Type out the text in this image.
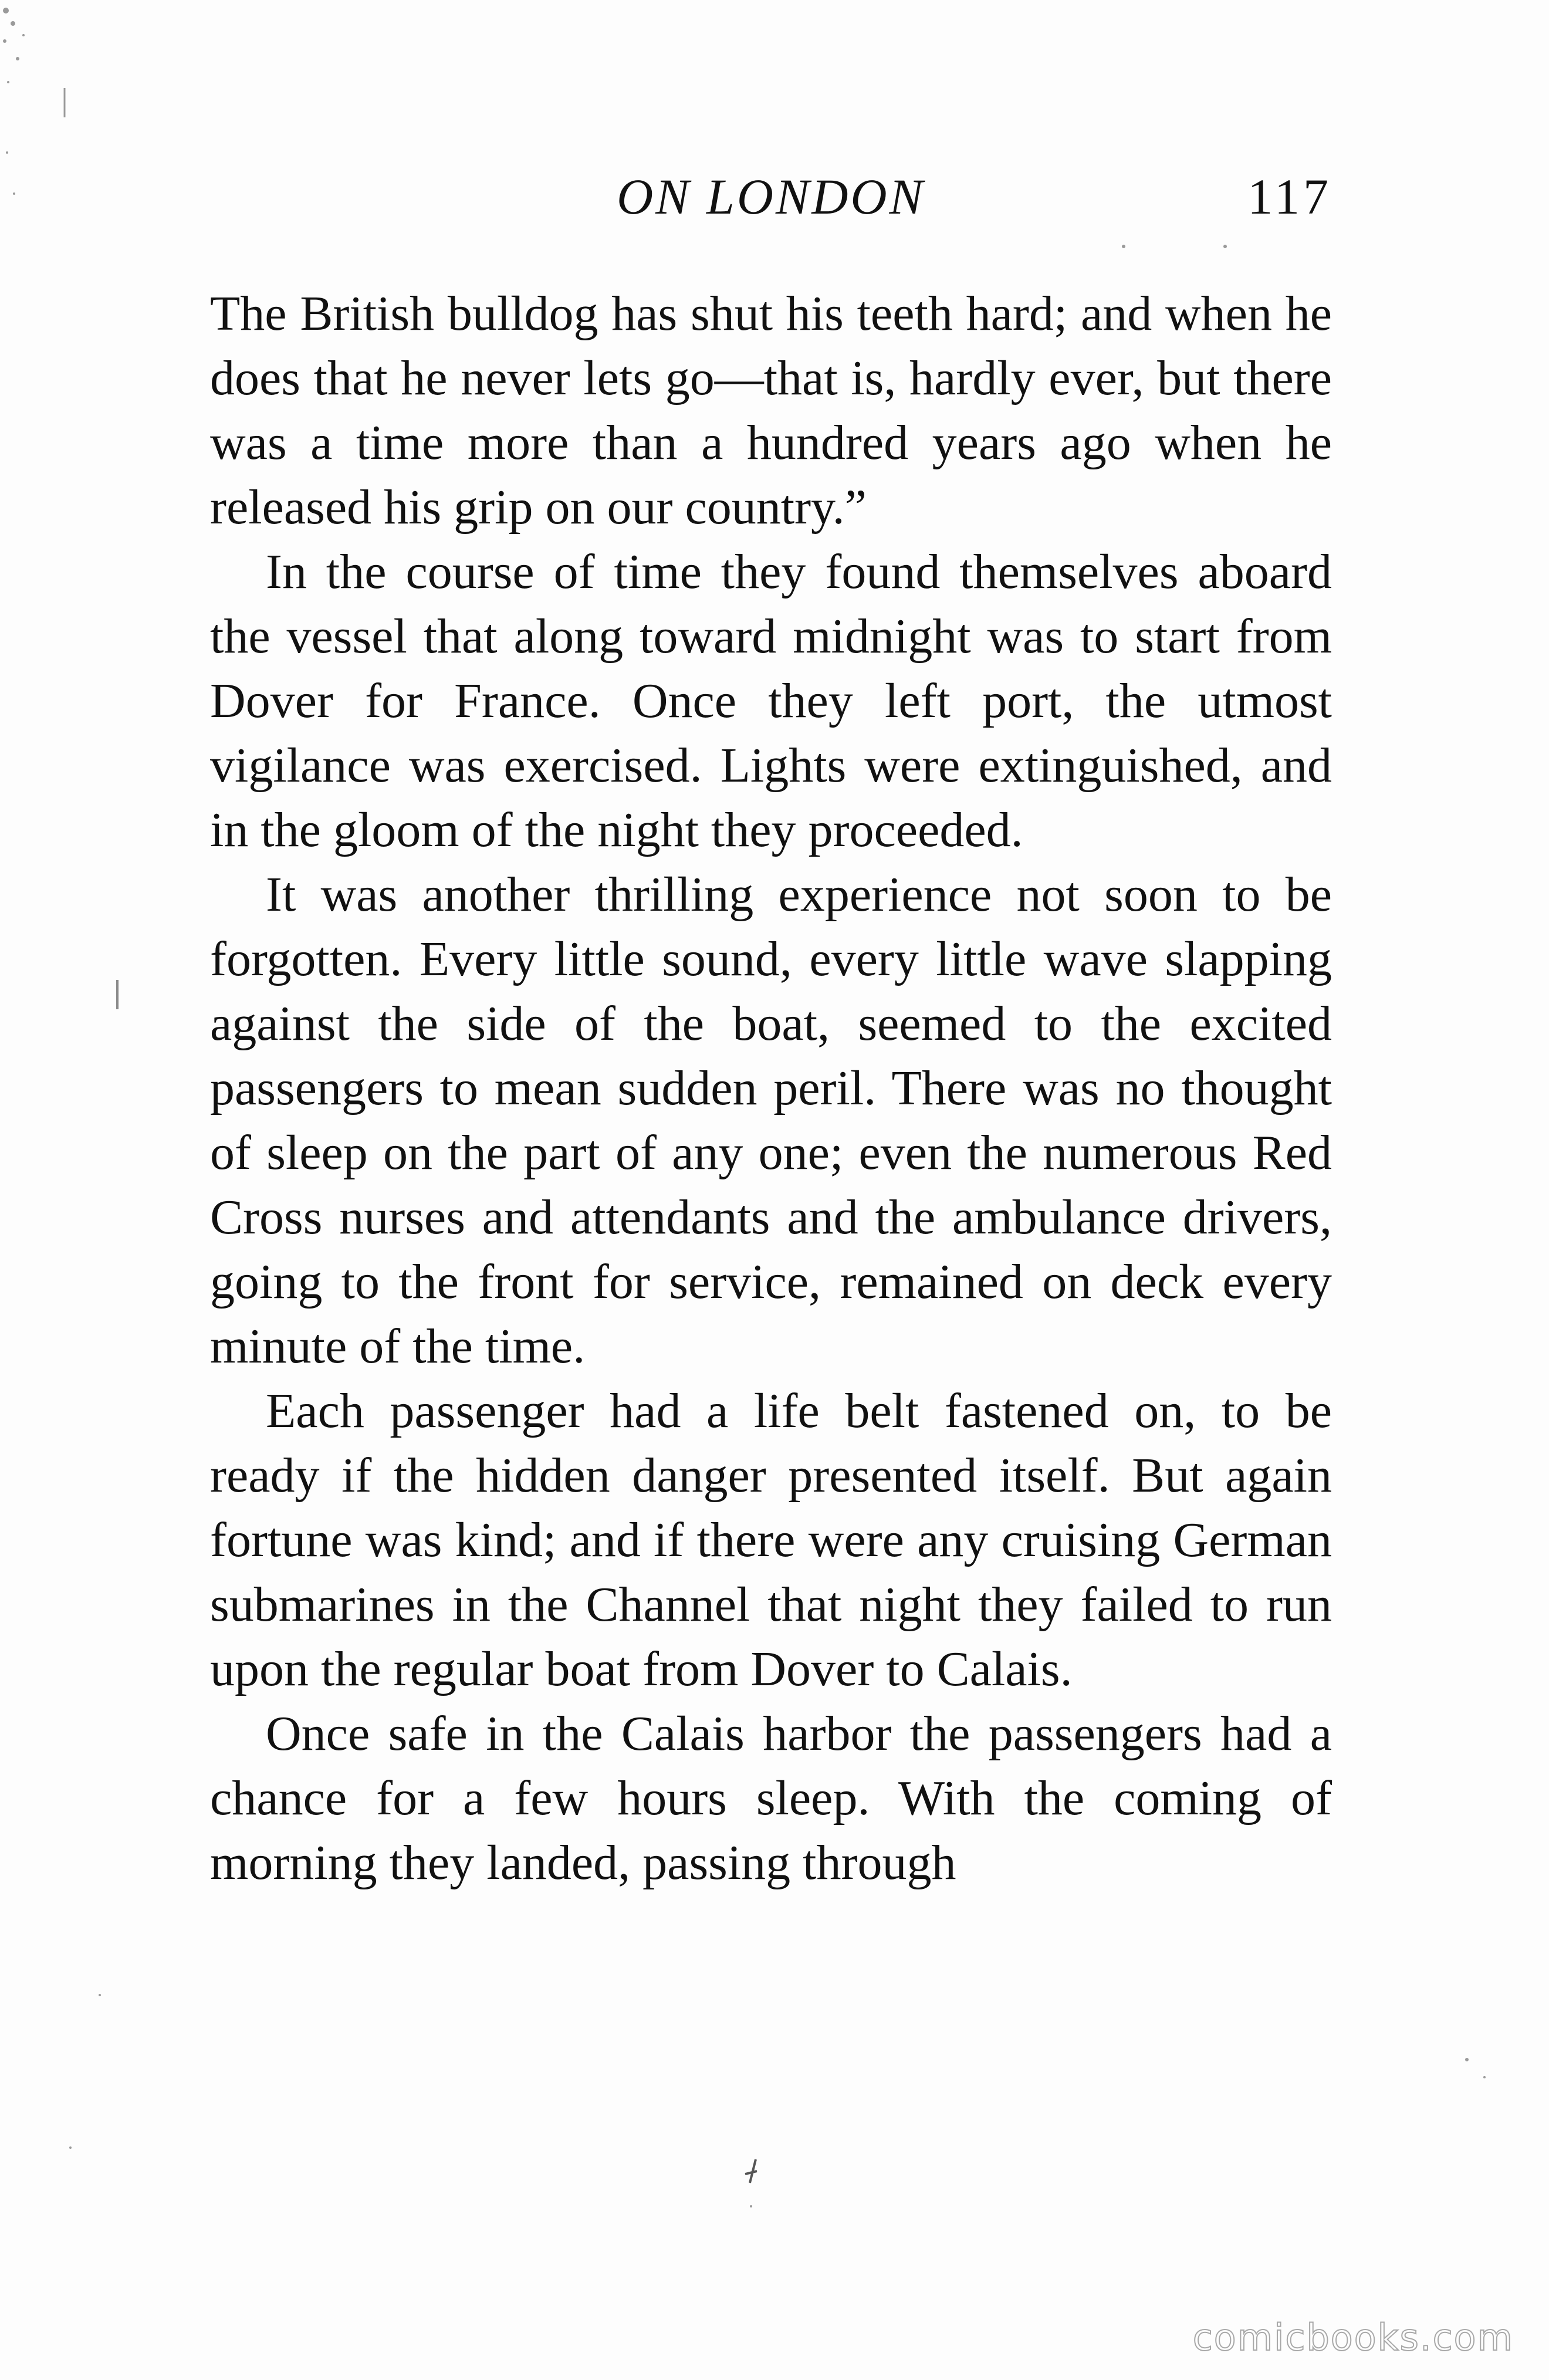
ON LONDON	117

The British bulldog has shut his teeth hard; and when he does that he never lets go—that is, hardly ever, but there was a time more than a hundred years ago when he released his grip on our country.”

In the course of time they found themselves aboard the vessel that along toward midnight was to start from Dover for France. Once they left port, the utmost vigilance was exercised. Lights were extinguished, and in the gloom of the night they proceeded.

It was another thrilling experience not soon to be forgotten. Every little sound, every little wave slapping against the side of the boat, seemed to the excited passengers to mean sudden peril. There was no thought of sleep on the part of any one; even the numerous Red Cross nurses and attendants and the ambulance drivers, going to the front for service, remained on deck every minute of the time.

Each passenger had a life belt fastened on, to be ready if the hidden danger presented itself. But again fortune was kind; and if there were any cruising German submarines in the Channel that night they failed to run upon the regular boat from Dover to Calais.

Once safe in the Calais harbor the passengers had a chance for a few hours sleep. With the coming of morning they landed, passing through

comicbooks.com
